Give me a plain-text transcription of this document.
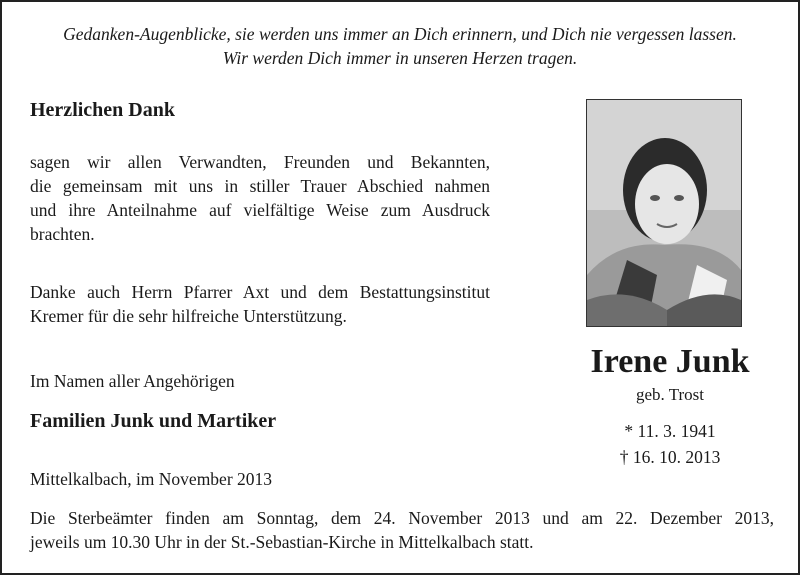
Gedanken-Augenblicke, sie werden uns immer an Dich erinnern, und Dich nie vergessen lassen.
Wir werden Dich immer in unseren Herzen tragen.
Herzlichen Dank
sagen wir allen Verwandten, Freunden und Bekannten,
die gemeinsam mit uns in stiller Trauer Abschied nahmen
und ihre Anteilnahme auf vielfältige Weise zum Ausdruck
brachten.
Danke auch Herrn Pfarrer Axt und dem Bestattungsinstitut
Kremer für die sehr hilfreiche Unterstützung.
Im Namen aller Angehörigen
Familien Junk und Martiker
Mittelkalbach, im November 2013
Die Sterbeämter finden am Sonntag, dem 24. November 2013 und am 22. Dezember 2013,
jeweils um 10.30 Uhr in der St.-Sebastian-Kirche in Mittelkalbach statt.
Irene Junk
geb. Trost
* 11. 3. 1941
† 16. 10. 2013
